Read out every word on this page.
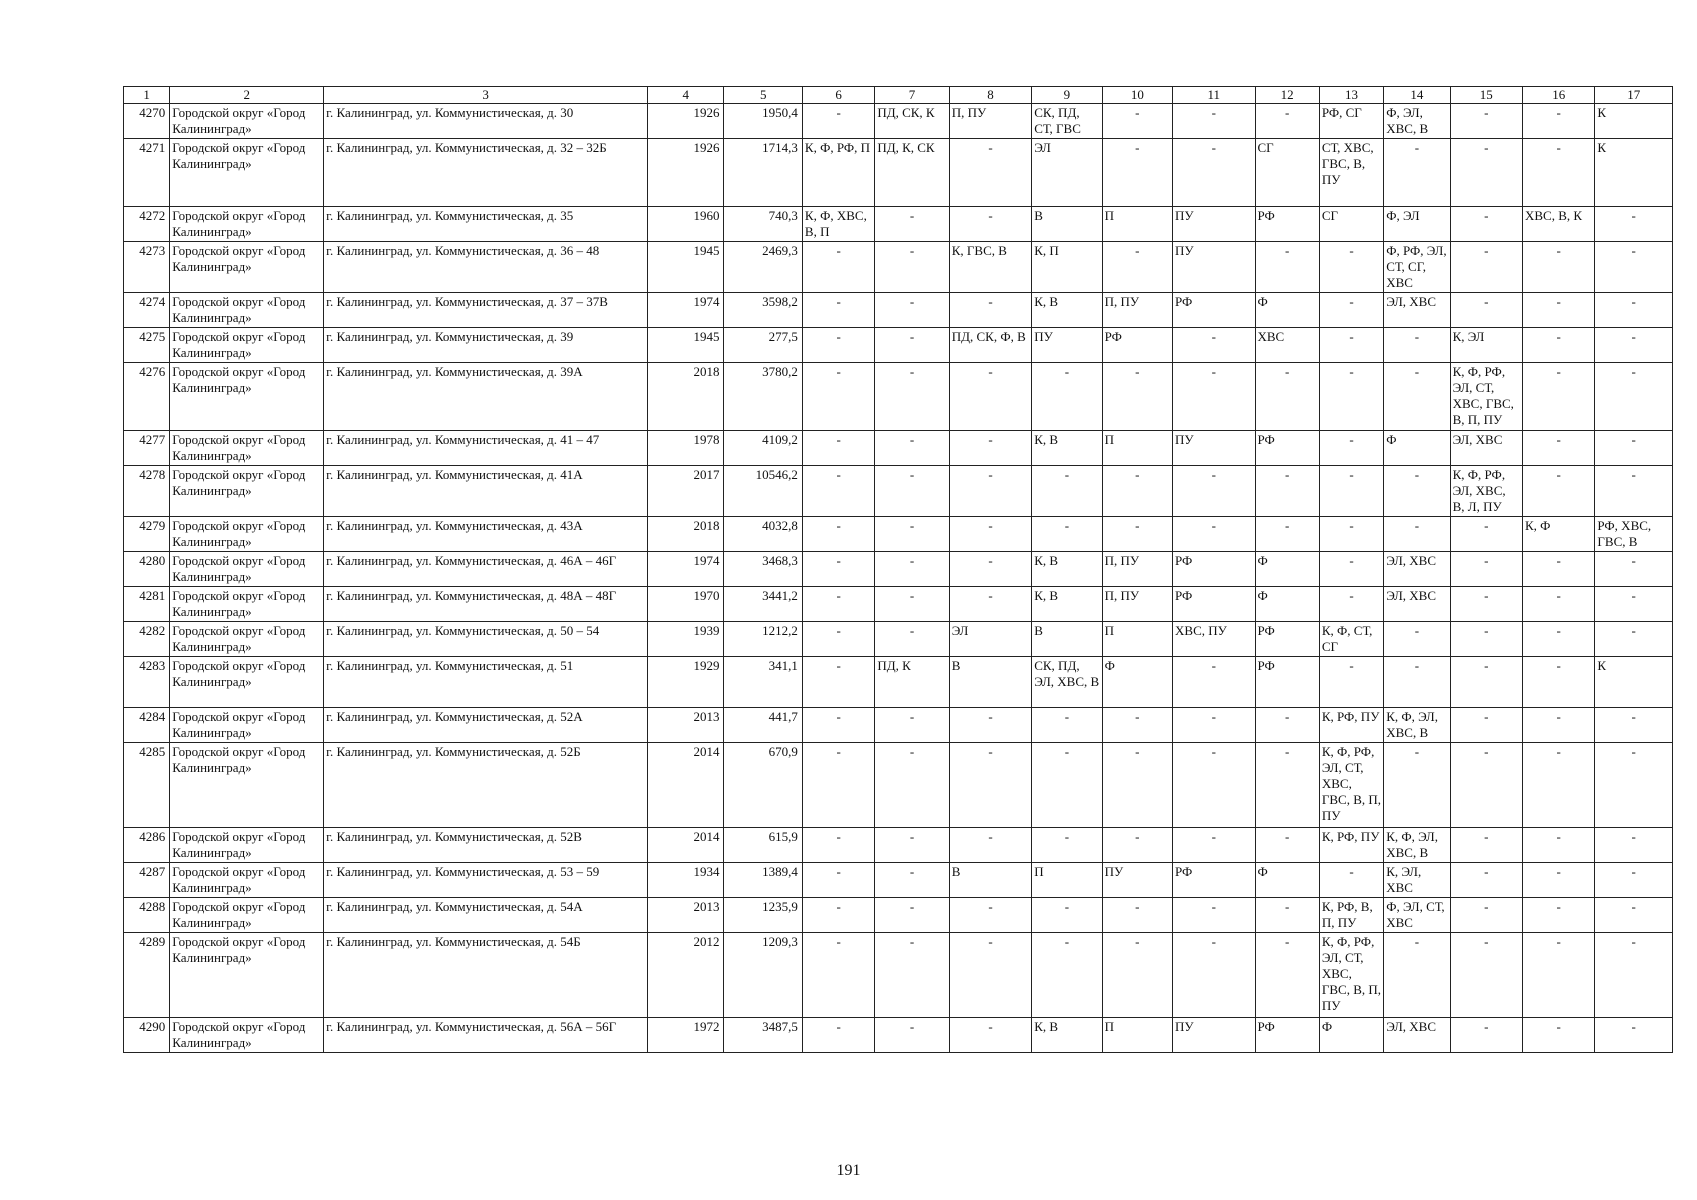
1	2	3	4	5	6	7	8	9	10	11	12	13	14	15	16	17
4270	Городской округ «Город Калининград»	г. Калининград, ул. Коммунистическая, д. 30	1926	1950,4	-	ПД, СК, К	П, ПУ	СК, ПД, СТ, ГВС	-	-	-	РФ, СГ	Ф, ЭЛ, ХВС, В	-	-	К
4271	Городской округ «Город Калининград»	г. Калининград, ул. Коммунистическая, д. 32 – 32Б	1926	1714,3	К, Ф, РФ, П	ПД, К, СК	-	ЭЛ	-	-	СГ	СТ, ХВС, ГВС, В, ПУ	-	-	-	К
4272	Городской округ «Город Калининград»	г. Калининград, ул. Коммунистическая, д. 35	1960	740,3	К, Ф, ХВС, В, П	-	-	В	П	ПУ	РФ	СГ	Ф, ЭЛ	-	ХВС, В, К	-
4273	Городской округ «Город Калининград»	г. Калининград, ул. Коммунистическая, д. 36 – 48	1945	2469,3	-	-	К, ГВС, В	К, П	-	ПУ	-	-	Ф, РФ, ЭЛ, СТ, СГ, ХВС	-	-	-
4274	Городской округ «Город Калининград»	г. Калининград, ул. Коммунистическая, д. 37 – 37В	1974	3598,2	-	-	-	К, В	П, ПУ	РФ	Ф	-	ЭЛ, ХВС	-	-	-
4275	Городской округ «Город Калининград»	г. Калининград, ул. Коммунистическая, д. 39	1945	277,5	-	-	ПД, СК, Ф, В	ПУ	РФ	-	ХВС	-	-	К, ЭЛ	-	-
4276	Городской округ «Город Калининград»	г. Калининград, ул. Коммунистическая, д. 39А	2018	3780,2	-	-	-	-	-	-	-	-	-	К, Ф, РФ, ЭЛ, СТ, ХВС, ГВС, В, П, ПУ	-	-
4277	Городской округ «Город Калининград»	г. Калининград, ул. Коммунистическая, д. 41 – 47	1978	4109,2	-	-	-	К, В	П	ПУ	РФ	-	Ф	ЭЛ, ХВС	-	-
4278	Городской округ «Город Калининград»	г. Калининград, ул. Коммунистическая, д. 41А	2017	10546,2	-	-	-	-	-	-	-	-	-	К, Ф, РФ, ЭЛ, ХВС, В, Л, ПУ	-	-
4279	Городской округ «Город Калининград»	г. Калининград, ул. Коммунистическая, д. 43А	2018	4032,8	-	-	-	-	-	-	-	-	-	-	К, Ф	РФ, ХВС, ГВС, В
4280	Городской округ «Город Калининград»	г. Калининград, ул. Коммунистическая, д. 46А – 46Г	1974	3468,3	-	-	-	К, В	П, ПУ	РФ	Ф	-	ЭЛ, ХВС	-	-	-
4281	Городской округ «Город Калининград»	г. Калининград, ул. Коммунистическая, д. 48А – 48Г	1970	3441,2	-	-	-	К, В	П, ПУ	РФ	Ф	-	ЭЛ, ХВС	-	-	-
4282	Городской округ «Город Калининград»	г. Калининград, ул. Коммунистическая, д. 50 – 54	1939	1212,2	-	-	ЭЛ	В	П	ХВС, ПУ	РФ	К, Ф, СТ, СГ	-	-	-	-
4283	Городской округ «Город Калининград»	г. Калининград, ул. Коммунистическая, д. 51	1929	341,1	-	ПД, К	В	СК, ПД, ЭЛ, ХВС, В	Ф	-	РФ	-	-	-	-	К
4284	Городской округ «Город Калининград»	г. Калининград, ул. Коммунистическая, д. 52А	2013	441,7	-	-	-	-	-	-	-	К, РФ, ПУ	К, Ф, ЭЛ, ХВС, В	-	-	-
4285	Городской округ «Город Калининград»	г. Калининград, ул. Коммунистическая, д. 52Б	2014	670,9	-	-	-	-	-	-	-	К, Ф, РФ, ЭЛ, СТ, ХВС, ГВС, В, П, ПУ	-	-	-	-
4286	Городской округ «Город Калининград»	г. Калининград, ул. Коммунистическая, д. 52В	2014	615,9	-	-	-	-	-	-	-	К, РФ, ПУ	К, Ф, ЭЛ, ХВС, В	-	-	-
4287	Городской округ «Город Калининград»	г. Калининград, ул. Коммунистическая, д. 53 – 59	1934	1389,4	-	-	В	П	ПУ	РФ	Ф	-	К, ЭЛ, ХВС	-	-	-
4288	Городской округ «Город Калининград»	г. Калининград, ул. Коммунистическая, д. 54А	2013	1235,9	-	-	-	-	-	-	-	К, РФ, В, П, ПУ	Ф, ЭЛ, СТ, ХВС	-	-	-
4289	Городской округ «Город Калининград»	г. Калининград, ул. Коммунистическая, д. 54Б	2012	1209,3	-	-	-	-	-	-	-	К, Ф, РФ, ЭЛ, СТ, ХВС, ГВС, В, П, ПУ	-	-	-	-
4290	Городской округ «Город Калининград»	г. Калининград, ул. Коммунистическая, д. 56А – 56Г	1972	3487,5	-	-	-	К, В	П	ПУ	РФ	Ф	ЭЛ, ХВС	-	-	-
191
